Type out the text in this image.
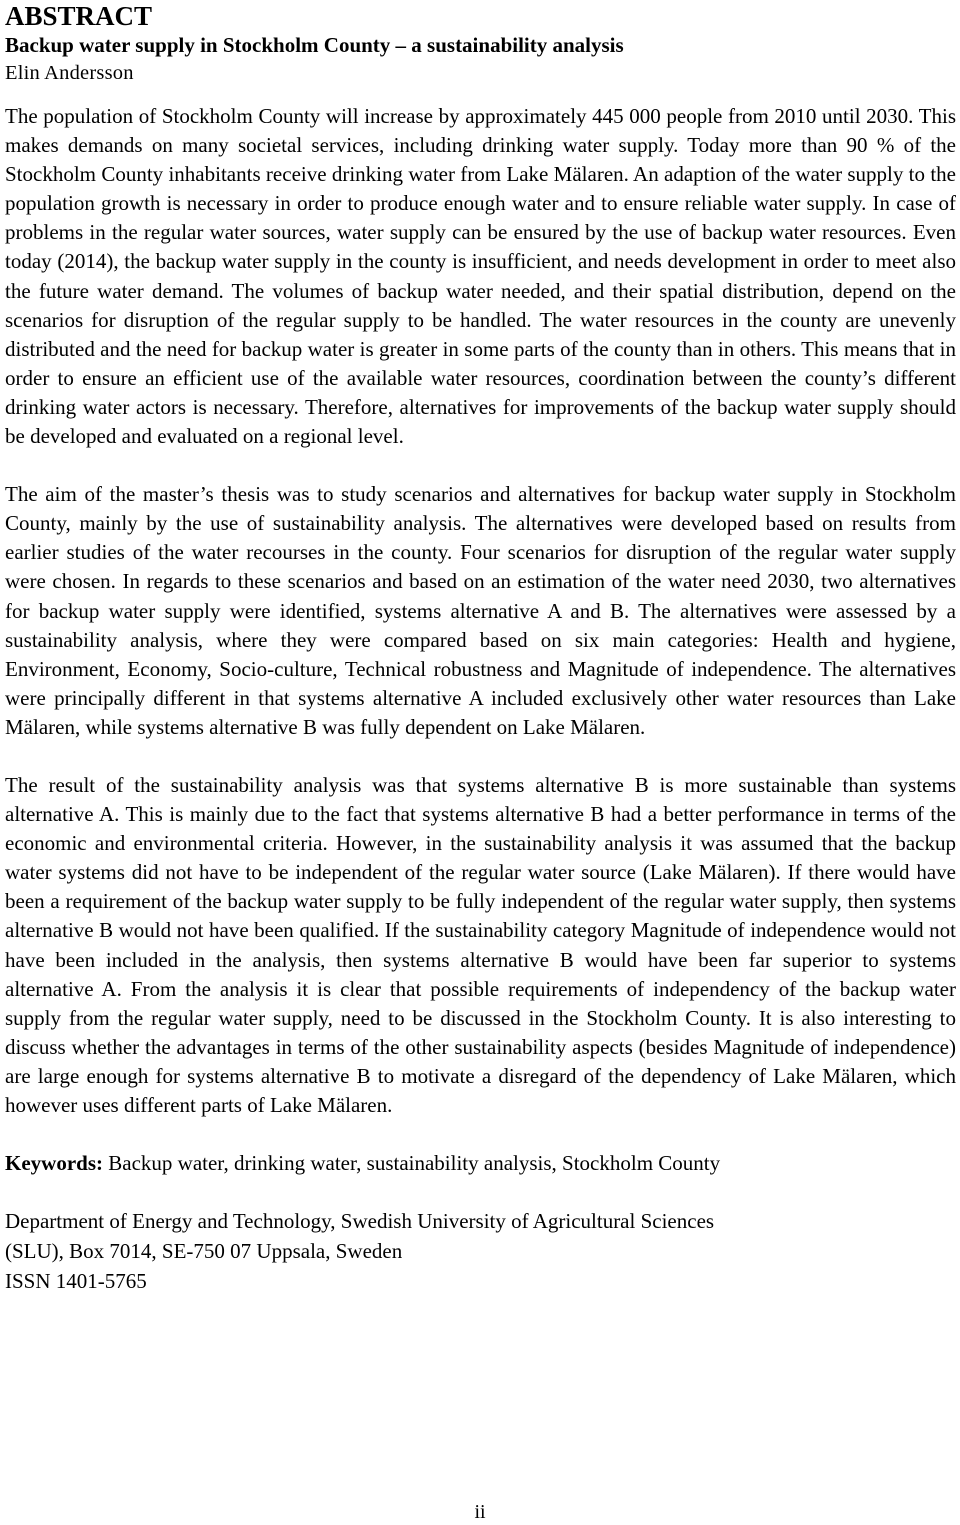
ABSTRACT
Backup water supply in Stockholm County – a sustainability analysis
Elin Andersson

The population of Stockholm County will increase by approximately 445 000 people from 2010 until 2030. This makes demands on many societal services, including drinking water supply. Today more than 90 % of the Stockholm County inhabitants receive drinking water from Lake Mälaren. An adaption of the water supply to the population growth is necessary in order to produce enough water and to ensure reliable water supply. In case of problems in the regular water sources, water supply can be ensured by the use of backup water resources. Even today (2014), the backup water supply in the county is insufficient, and needs development in order to meet also the future water demand. The volumes of backup water needed, and their spatial distribution, depend on the scenarios for disruption of the regular supply to be handled. The water resources in the county are unevenly distributed and the need for backup water is greater in some parts of the county than in others. This means that in order to ensure an efficient use of the available water resources, coordination between the county’s different drinking water actors is necessary. Therefore, alternatives for improvements of the backup water supply should be developed and evaluated on a regional level.

The aim of the master’s thesis was to study scenarios and alternatives for backup water supply in Stockholm County, mainly by the use of sustainability analysis. The alternatives were developed based on results from earlier studies of the water recourses in the county. Four scenarios for disruption of the regular water supply were chosen. In regards to these scenarios and based on an estimation of the water need 2030, two alternatives for backup water supply were identified, systems alternative A and B. The alternatives were assessed by a sustainability analysis, where they were compared based on six main categories: Health and hygiene, Environment, Economy, Socio-culture, Technical robustness and Magnitude of independence. The alternatives were principally different in that systems alternative A included exclusively other water resources than Lake Mälaren, while systems alternative B was fully dependent on Lake Mälaren.

The result of the sustainability analysis was that systems alternative B is more sustainable than systems alternative A. This is mainly due to the fact that systems alternative B had a better performance in terms of the economic and environmental criteria. However, in the sustainability analysis it was assumed that the backup water systems did not have to be independent of the regular water source (Lake Mälaren). If there would have been a requirement of the backup water supply to be fully independent of the regular water supply, then systems alternative B would not have been qualified. If the sustainability category Magnitude of independence would not have been included in the analysis, then systems alternative B would have been far superior to systems alternative A. From the analysis it is clear that possible requirements of independency of the backup water supply from the regular water supply, need to be discussed in the Stockholm County. It is also interesting to discuss whether the advantages in terms of the other sustainability aspects (besides Magnitude of independence) are large enough for systems alternative B to motivate a disregard of the dependency of Lake Mälaren, which however uses different parts of Lake Mälaren.

Keywords: Backup water, drinking water, sustainability analysis, Stockholm County
Department of Energy and Technology, Swedish University of Agricultural Sciences
(SLU), Box 7014, SE-750 07 Uppsala, Sweden
ISSN 1401-5765
ii
